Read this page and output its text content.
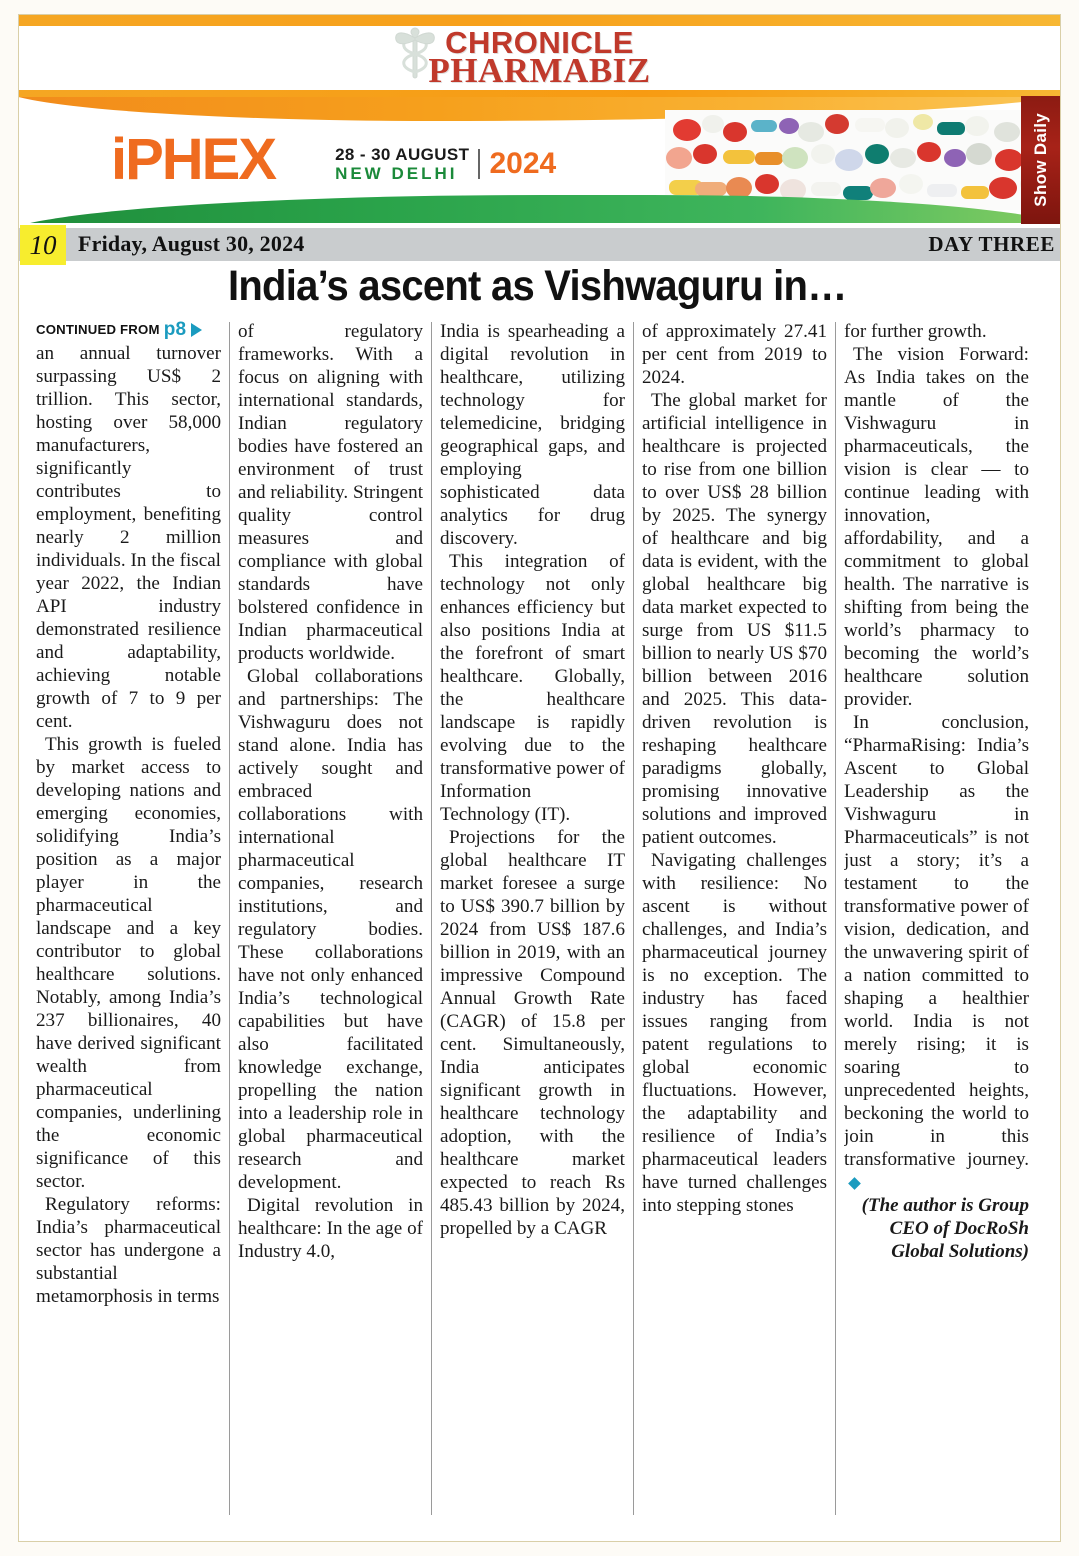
CHRONICLE
PHARMABIZ
iPHEX	28 - 30 AUGUST
NEW DELHI	2024	Show Daily
10 Friday, August 30, 2024	DAY THREE
India’s ascent as Vishwaguru in…
CONTINUED FROM p8

an annual turnover surpassing US$ 2 trillion. This sector, hosting over 58,000 manufacturers, significantly contributes to employment, benefiting nearly 2 million individuals. In the fiscal year 2022, the Indian API industry demonstrated resilience and adaptability, achieving notable growth of 7 to 9 per cent.

This growth is fueled by market access to developing nations and emerging economies, solidifying India’s position as a major player in the pharmaceutical landscape and a key contributor to global healthcare solutions. Notably, among India’s 237 billionaires, 40 have derived significant wealth from pharmaceutical companies, underlining the economic significance of this sector.

Regulatory reforms: India’s pharmaceutical sector has undergone a substantial metamorphosis in terms

of regulatory frameworks. With a focus on aligning with international standards, Indian regulatory bodies have fostered an environment of trust and reliability. Stringent quality control measures and compliance with global standards have bolstered confidence in Indian pharmaceutical products worldwide.

Global collaborations and partnerships: The Vishwaguru does not stand alone. India has actively sought and embraced collaborations with international pharmaceutical companies, research institutions, and regulatory bodies. These collaborations have not only enhanced India’s technological capabilities but have also facilitated knowledge exchange, propelling the nation into a leadership role in global pharmaceutical research and development.

Digital revolution in healthcare: In the age of Industry 4.0,

India is spearheading a digital revolution in healthcare, utilizing technology for telemedicine, bridging geographical gaps, and employing sophisticated data analytics for drug discovery.

This integration of technology not only enhances efficiency but also positions India at the forefront of smart healthcare. Globally, the healthcare landscape is rapidly evolving due to the transformative power of Information Technology (IT).

Projections for the global healthcare IT market foresee a surge to US$ 390.7 billion by 2024 from US$ 187.6 billion in 2019, with an impressive Compound Annual Growth Rate (CAGR) of 15.8 per cent. Simultaneously, India anticipates significant growth in healthcare technology adoption, with the healthcare market expected to reach Rs 485.43 billion by 2024, propelled by a CAGR

of approximately 27.41 per cent from 2019 to 2024.

The global market for artificial intelligence in healthcare is projected to rise from one billion to over US$ 28 billion by 2025. The synergy of healthcare and big data is evident, with the global healthcare big data market expected to surge from US $11.5 billion to nearly US $70 billion between 2016 and 2025. This data-driven revolution is reshaping healthcare paradigms globally, promising innovative solutions and improved patient outcomes.

Navigating challenges with resilience: No ascent is without challenges, and India’s pharmaceutical journey is no exception. The industry has faced issues ranging from patent regulations to global economic fluctuations. However, the adaptability and resilience of India’s pharmaceutical leaders have turned challenges into stepping stones

for further growth.

The vision Forward: As India takes on the mantle of the Vishwaguru in pharmaceuticals, the vision is clear — to continue leading with innovation, affordability, and a commitment to global health. The narrative is shifting from being the world’s pharmacy to becoming the world’s healthcare solution provider.

In conclusion, “PharmaRising: India’s Ascent to Global Leadership as the Vishwaguru in Pharmaceuticals” is not just a story; it’s a testament to the transformative power of vision, dedication, and the unwavering spirit of a nation committed to shaping a healthier world. India is not merely rising; it is soaring to unprecedented heights, beckoning the world to join in this transformative journey.

(The author is Group CEO of DocRoSh Global Solutions)
